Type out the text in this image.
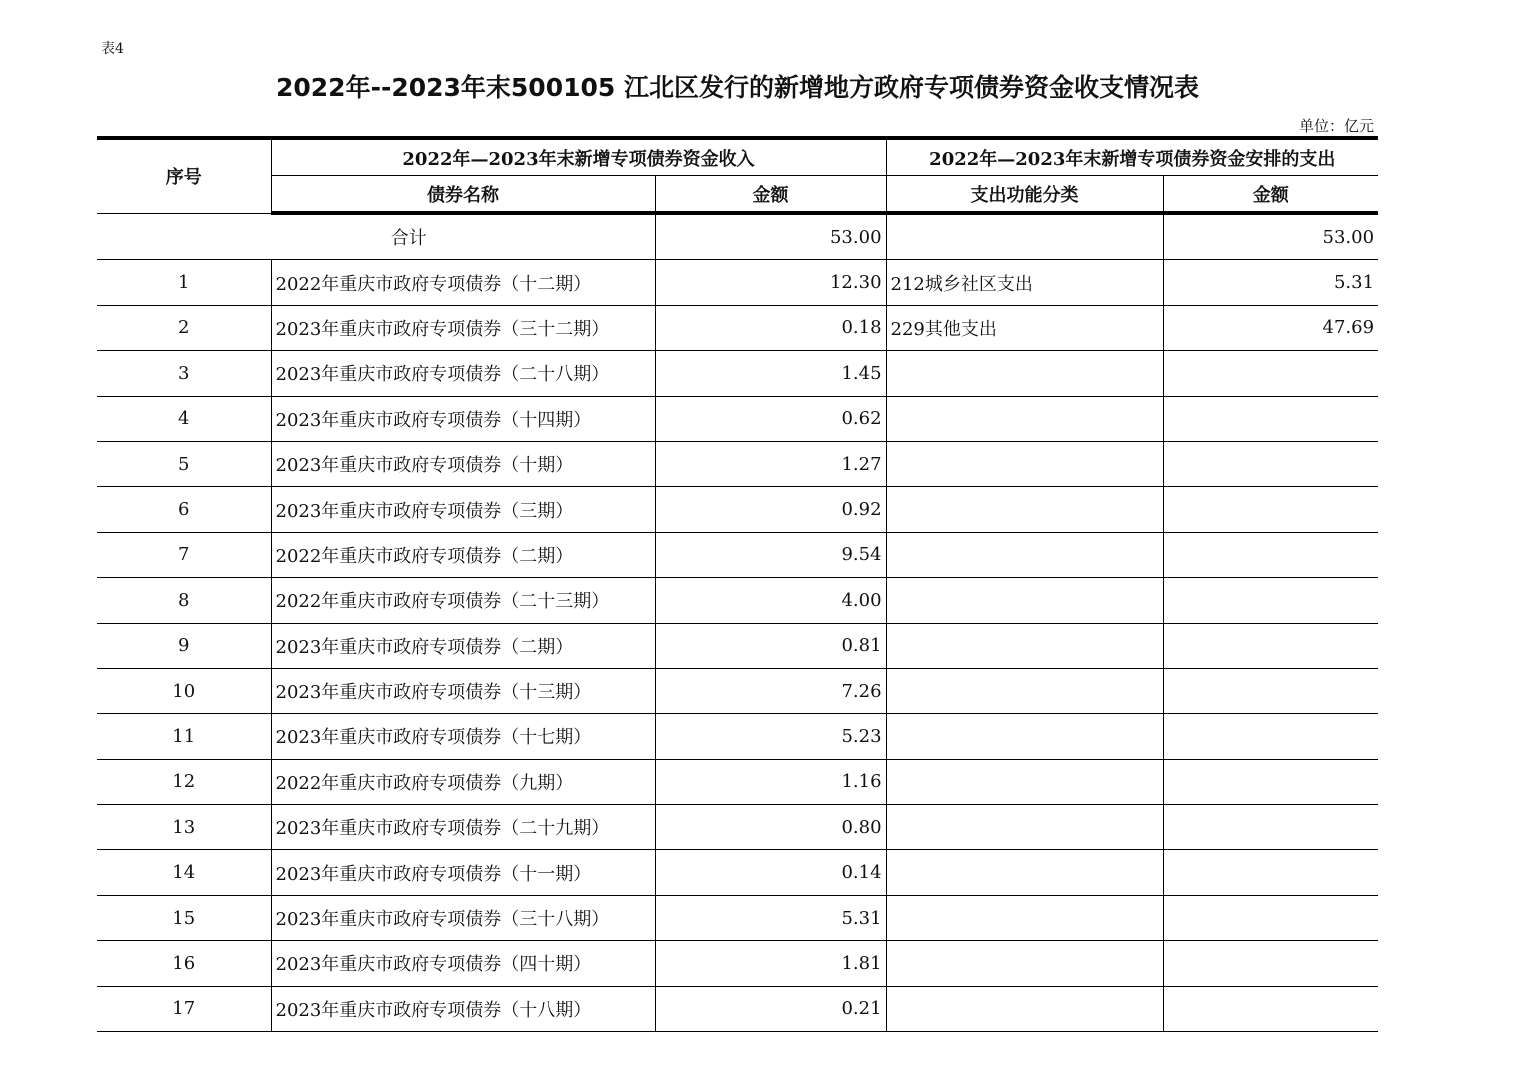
表4
2022年--2023年末500105 江北区发行的新增地方政府专项债券资金收支情况表
单位：亿元
序号	2022年—2023年末新增专项债券资金收入		2022年—2023年末新增专项债券资金安排的支出	
	债券名称	金额	支出功能分类	金额
合计		53.00		53.00
1	2022年重庆市政府专项债券（十二期）	12.30	212城乡社区支出	5.31
2	2023年重庆市政府专项债券（三十二期）	0.18	229其他支出	47.69
3	2023年重庆市政府专项债券（二十八期）	1.45		
4	2023年重庆市政府专项债券（十四期）	0.62		
5	2023年重庆市政府专项债券（十期）	1.27		
6	2023年重庆市政府专项债券（三期）	0.92		
7	2022年重庆市政府专项债券（二期）	9.54		
8	2022年重庆市政府专项债券（二十三期）	4.00		
9	2023年重庆市政府专项债券（二期）	0.81		
10	2023年重庆市政府专项债券（十三期）	7.26		
11	2023年重庆市政府专项债券（十七期）	5.23		
12	2022年重庆市政府专项债券（九期）	1.16		
13	2023年重庆市政府专项债券（二十九期）	0.80		
14	2023年重庆市政府专项债券（十一期）	0.14		
15	2023年重庆市政府专项债券（三十八期）	5.31		
16	2023年重庆市政府专项债券（四十期）	1.81		
17	2023年重庆市政府专项债券（十八期）	0.21		
